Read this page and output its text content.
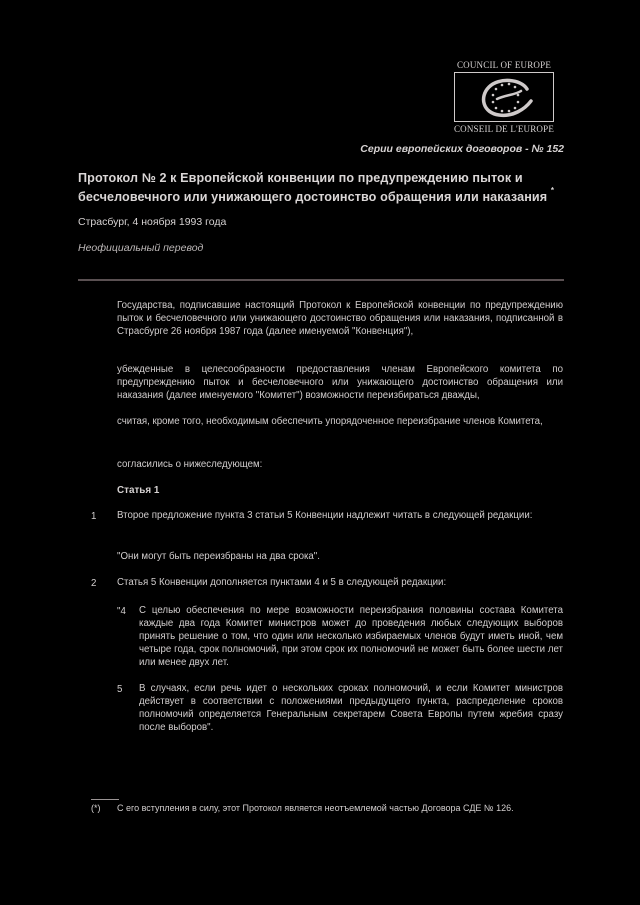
COUNCIL OF EUROPE
CONSEIL DE L'EUROPE
Серии европейских договоров - № 152
Протокол № 2 к Европейской конвенции по предупреждению пыток и бесчеловечного или унижающего достоинство обращения или наказания *
Страсбург, 4 ноября 1993 года
Неофициальный перевод
Государства, подписавшие настоящий Протокол к Европейской конвенции по предупреждению пыток и бесчеловечного или унижающего достоинство обращения или наказания, подписанной в Страсбурге 26 ноября 1987 года (далее именуемой "Конвенция"),
убежденные в целесообразности предоставления членам Европейского комитета по предупреждению пыток и бесчеловечного или унижающего достоинство обращения или наказания (далее именуемого "Комитет") возможности переизбираться дважды,
считая, кроме того, необходимым обеспечить упорядоченное переизбрание членов Комитета,
согласились о нижеследующем:
Статья 1
1 Второе предложение пункта 3 статьи 5 Конвенции надлежит читать в следующей редакции:
"Они могут быть переизбраны на два срока".
2 Статья 5 Конвенции дополняется пунктами 4 и 5 в следующей редакции:
"4 С целью обеспечения по мере возможности переизбрания половины состава Комитета каждые два года Комитет министров может до проведения любых следующих выборов принять решение о том, что один или несколько избираемых членов будут иметь иной, чем четыре года, срок полномочий, при этом срок их полномочий не может быть более шести лет или менее двух лет.
5 В случаях, если речь идет о нескольких сроках полномочий, и если Комитет министров действует в соответствии с положениями предыдущего пункта, распределение сроков полномочий определяется Генеральным секретарем Совета Европы путем жребия сразу после выборов".
(*) С его вступления в силу, этот Протокол является неотъемлемой частью Договора СДЕ № 126.
